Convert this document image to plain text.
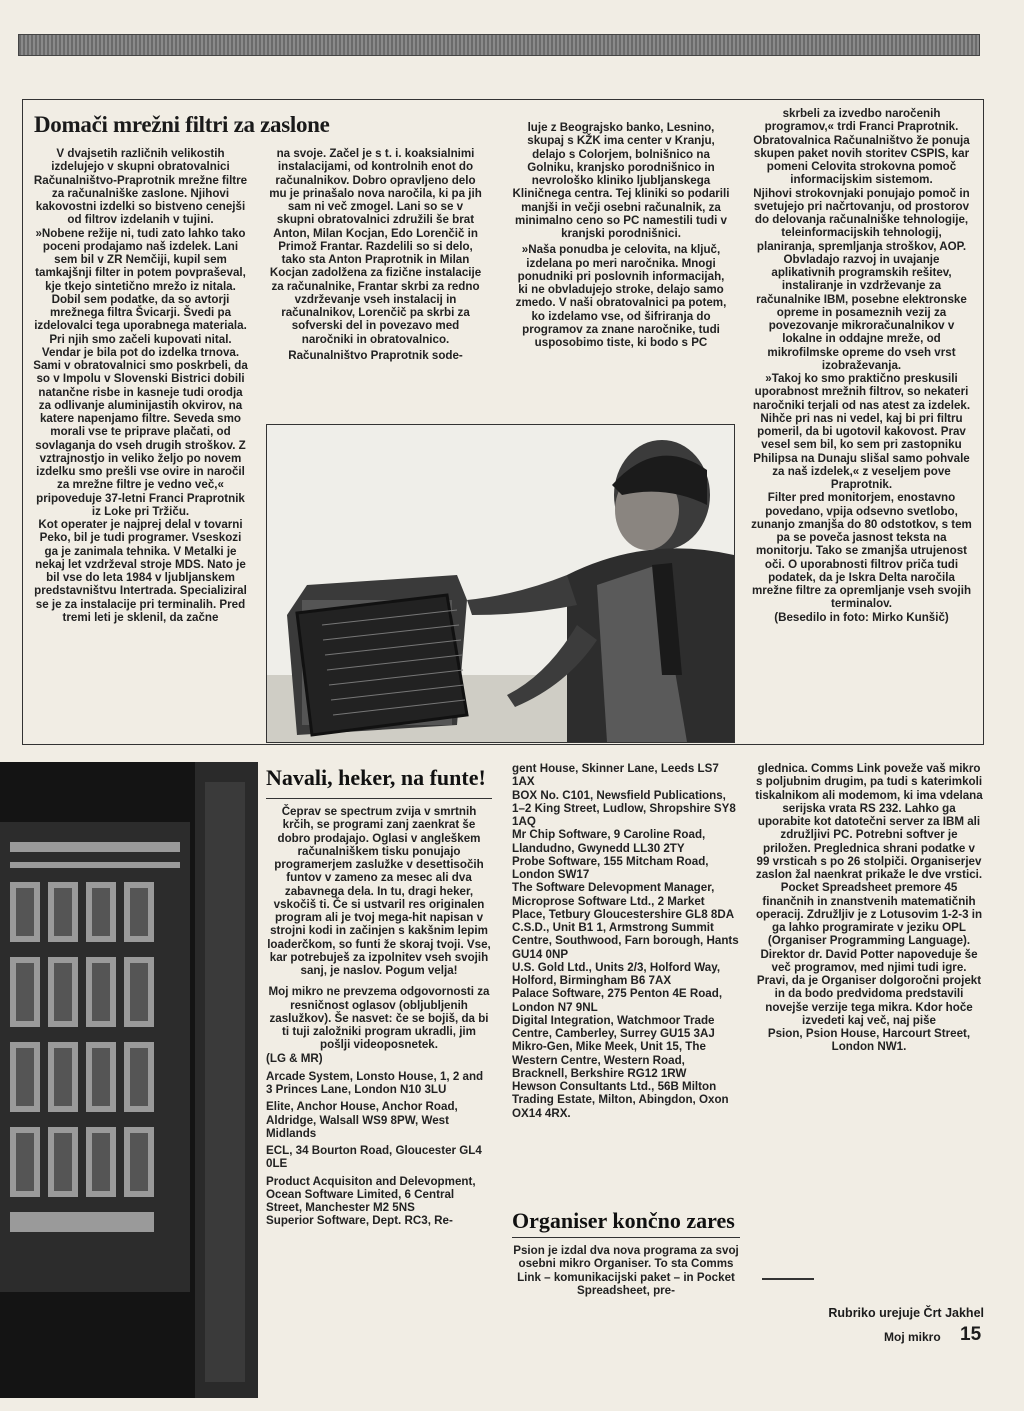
Domači mrežni filtri za zaslone

V dvajsetih različnih velikostih izdelujejo v skupni obratovalnici Računalništvo-Praprotnik mrežne filtre za računalniške zaslone. Njihovi kakovostni izdelki so bistveno cenejši od filtrov izdelanih v tujini.

»Nobene režije ni, tudi zato lahko tako poceni prodajamo naš izdelek. Lani sem bil v ZR Nemčiji, kupil sem tamkajšnji filter in potem povpraševal, kje tkejo sintetično mrežo iz nitala. Dobil sem podatke, da so avtorji mrežnega filtra Švicarji. Švedi pa izdelovalci tega uporabnega materiala. Pri njih smo začeli kupovati nital. Vendar je bila pot do izdelka trnova. Sami v obratovalnici smo poskrbeli, da so v Impolu v Slovenski Bistrici dobili natančne risbe in kasneje tudi orodja za odlivanje aluminijastih okvirov, na katere napenjamo filtre. Seveda smo morali vse te priprave plačati, od sovlaganja do vseh drugih stroškov. Z vztrajnostjo in veliko željo po novem izdelku smo prešli vse ovire in naročil za mrežne filtre je vedno več,« pripoveduje 37-letni Franci Praprotnik iz Loke pri Tržiču.

Kot operater je najprej delal v tovarni Peko, bil je tudi programer. Vseskozi ga je zanimala tehnika. V Metalki je nekaj let vzdrževal stroje MDS. Nato je bil vse do leta 1984 v ljubljanskem predstavništvu Intertrada. Specializiral se je za instalacije pri terminalih. Pred tremi leti je sklenil, da začne

na svoje. Začel je s t. i. koaksialnimi instalacijami, od kontrolnih enot do računalnikov. Dobro opravljeno delo mu je prinašalo nova naročila, ki pa jih sam ni več zmogel. Lani so se v skupni obratovalnici združili še brat Anton, Milan Kocjan, Edo Lorenčič in Primož Frantar. Razdelili so si delo, tako sta Anton Praprotnik in Milan Kocjan zadolžena za fizične instalacije za računalnike, Frantar skrbi za redno vzdrževanje vseh instalacij in računalnikov, Lorenčič pa skrbi za sofverski del in povezavo med naročniki in obratovalnico.

Računalništvo Praprotnik sode-

luje z Beograjsko banko, Lesnino, skupaj s KŽK ima center v Kranju, delajo s Colorjem, bolnišnico na Golniku, kranjsko porodnišnico in nevrološko kliniko ljubljanskega Kliničnega centra. Tej kliniki so podarili manjši in večji osebni računalnik, za minimalno ceno so PC namestili tudi v kranjski porodnišnici.

»Naša ponudba je celovita, na ključ, izdelana po meri naročnika. Mnogi ponudniki pri poslovnih informacijah, ki ne obvladujejo stroke, delajo samo zmedo. V naši obratovalnici pa potem, ko izdelamo vse, od šifriranja do programov za znane naročnike, tudi usposobimo tiste, ki bodo s PC

skrbeli za izvedbo naročenih programov,« trdi Franci Praprotnik.

Obratovalnica Računalništvo že ponuja skupen paket novih storitev CSPIS, kar pomeni Celovita strokovna pomoč informacijskim sistemom.

Njihovi strokovnjaki ponujajo pomoč in svetujejo pri načrtovanju, od prostorov do delovanja računalniške tehnologije, teleinformacijskih tehnologij, planiranja, spremljanja stroškov, AOP. Obvladajo razvoj in uvajanje aplikativnih programskih rešitev, instaliranje in vzdrževanje za računalnike IBM, posebne elektronske opreme in posameznih vezij za povezovanje mikroračunalnikov v lokalne in oddajne mreže, od mikrofilmske opreme do vseh vrst izobraževanja.

»Takoj ko smo praktično preskusili uporabnost mrežnih filtrov, so nekateri naročniki terjali od nas atest za izdelek. Nihče pri nas ni vedel, kaj bi pri filtru pomeril, da bi ugotovil kakovost. Prav vesel sem bil, ko sem pri zastopniku Philipsa na Dunaju slišal samo pohvale za naš izdelek,« z veseljem pove Praprotnik.

Filter pred monitorjem, enostavno povedano, vpija odsevno svetlobo, zunanjo zmanjša do 80 odstotkov, s tem pa se poveča jasnost teksta na monitorju. Tako se zmanjša utrujenost oči. O uporabnosti filtrov priča tudi podatek, da je Iskra Delta naročila mrežne filtre za opremljanje vseh svojih terminalov.

(Besedilo in foto: Mirko Kunšič)

Navali, heker, na funte!

Čeprav se spectrum zvija v smrtnih krčih, se programi zanj zaenkrat še dobro prodajajo. Oglasi v angleškem računalniškem tisku ponujajo programerjem zaslužke v desettisočih funtov v zameno za mesec ali dva zabavnega dela. In tu, dragi heker, vskočiš ti. Če si ustvaril res originalen program ali je tvoj mega-hit napisan v strojni kodi in začinjen s kakšnim lepim loaderčkom, so funti že skoraj tvoji. Vse, kar potrebuješ za izpolnitev vseh svojih sanj, je naslov. Pogum velja!

Moj mikro ne prevzema odgovornosti za resničnost oglasov (obljubljenih zaslužkov). Še nasvet: če se bojiš, da bi ti tuji založniki program ukradli, jim pošlji videoposnetek.

(LG & MR)

Arcade System, Lonsto House, 1, 2 and 3 Princes Lane, London N10 3LU

Elite, Anchor House, Anchor Road, Aldridge, Walsall WS9 8PW, West Midlands

ECL, 34 Bourton Road, Gloucester GL4 0LE

Product Acquisiton and Delevopment, Ocean Software Limited, 6 Central Street, Manchester M2 5NS

Superior Software, Dept. RC3, Re-

gent House, Skinner Lane, Leeds LS7 1AX

BOX No. C101, Newsfield Publications, 1–2 King Street, Ludlow, Shropshire SY8 1AQ

Mr Chip Software, 9 Caroline Road, Llandudno, Gwynedd LL30 2TY

Probe Software, 155 Mitcham Road, London SW17

The Software Delevopment Manager, Microprose Software Ltd., 2 Market Place, Tetbury Gloucestershire GL8 8DA

C.S.D., Unit B1 1, Armstrong Summit Centre, Southwood, Farn borough, Hants GU14 0NP

U.S. Gold Ltd., Units 2/3, Holford Way, Holford, Birmingham B6 7AX

Palace Software, 275 Penton 4E Road, London N7 9NL

Digital Integration, Watchmoor Trade Centre, Camberley, Surrey GU15 3AJ

Mikro-Gen, Mike Meek, Unit 15, The Western Centre, Western Road, Bracknell, Berkshire RG12 1RW

Hewson Consultants Ltd., 56B Milton Trading Estate, Milton, Abingdon, Oxon OX14 4RX.

Organiser končno zares

Psion je izdal dva nova programa za svoj osebni mikro Organiser. To sta Comms Link – komunikacijski paket – in Pocket Spreadsheet, pre-

glednica. Comms Link poveže vaš mikro s poljubnim drugim, pa tudi s katerimkoli tiskalnikom ali modemom, ki ima vdelana serijska vrata RS 232. Lahko ga uporabite kot datotečni server za IBM ali združljivi PC. Potrebni softver je priložen. Preglednica shrani podatke v 99 vrsticah s po 26 stolpiči. Organiserjev zaslon žal naenkrat prikaže le dve vrstici. Pocket Spreadsheet premore 45 finančnih in znanstvenih matematičnih operacij. Združljiv je z Lotusovim 1-2-3 in ga lahko programirate v jeziku OPL (Organiser Programming Language). Direktor dr. David Potter napoveduje še več programov, med njimi tudi igre. Pravi, da je Organiser dolgoročni projekt in da bodo predvidoma predstavili novejše verzije tega mikra. Kdor hoče izvedeti kaj več, naj piše

Psion, Psion House, Harcourt Street, London NW1.

Rubriko urejuje Črt Jakhel
Moj mikro 15
